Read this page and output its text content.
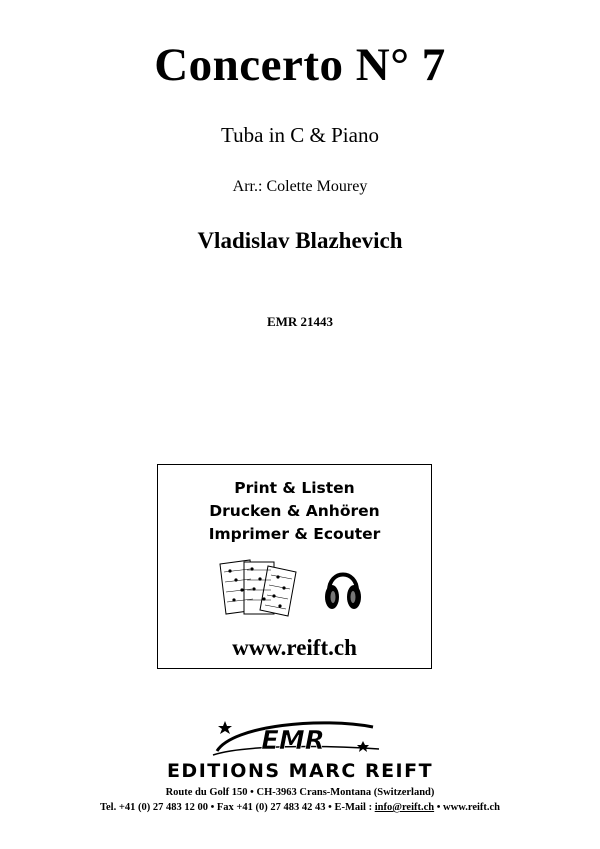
Concerto N° 7
Tuba in C & Piano
Arr.: Colette Mourey
Vladislav Blazhevich
EMR 21443
Print & Listen
Drucken & Anhören
Imprimer & Ecouter
www.reift.ch
EMR
EDITIONS MARC REIFT
Route du Golf 150 • CH-3963 Crans-Montana (Switzerland)
Tel. +41 (0) 27 483 12 00 • Fax +41 (0) 27 483 42 43 • E-Mail : info@reift.ch • www.reift.ch
